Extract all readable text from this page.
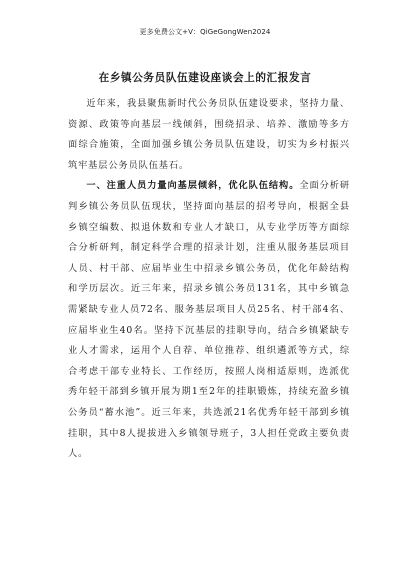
更多免费公文+V：QiGeGongWen2024
在乡镇公务员队伍建设座谈会上的汇报发言

近年来，我县聚焦新时代公务员队伍建设要求，坚持力量、资源、政策等向基层一线倾斜，围绕招录、培养、激励等多方面综合施策，全面加强乡镇公务员队伍建设，切实为乡村振兴筑牢基层公务员队伍基石。

一、注重人员力量向基层倾斜，优化队伍结构。全面分析研判乡镇公务员队伍现状，坚持面向基层的招考导向，根据全县乡镇空编数、拟退休数和专业人才缺口，从专业学历等方面综合分析研判，制定科学合理的招录计划，注重从服务基层项目人员、村干部、应届毕业生中招录乡镇公务员，优化年龄结构和学历层次。近三年来，招录乡镇公务员131名，其中乡镇急需紧缺专业人员72名、服务基层项目人员25名、村干部4名、应届毕业生40名。坚持下沉基层的挂职导向，结合乡镇紧缺专业人才需求，运用个人自荐、单位推荐、组织遴派等方式，综合考虑干部专业特长、工作经历，按照人岗相适原则，选派优秀年轻干部到乡镇开展为期1至2年的挂职锻炼，持续充盈乡镇公务员“蓄水池”。近三年来，共选派21名优秀年轻干部到乡镇挂职，其中8人提拔进入乡镇领导班子，3人担任党政主要负责人。
